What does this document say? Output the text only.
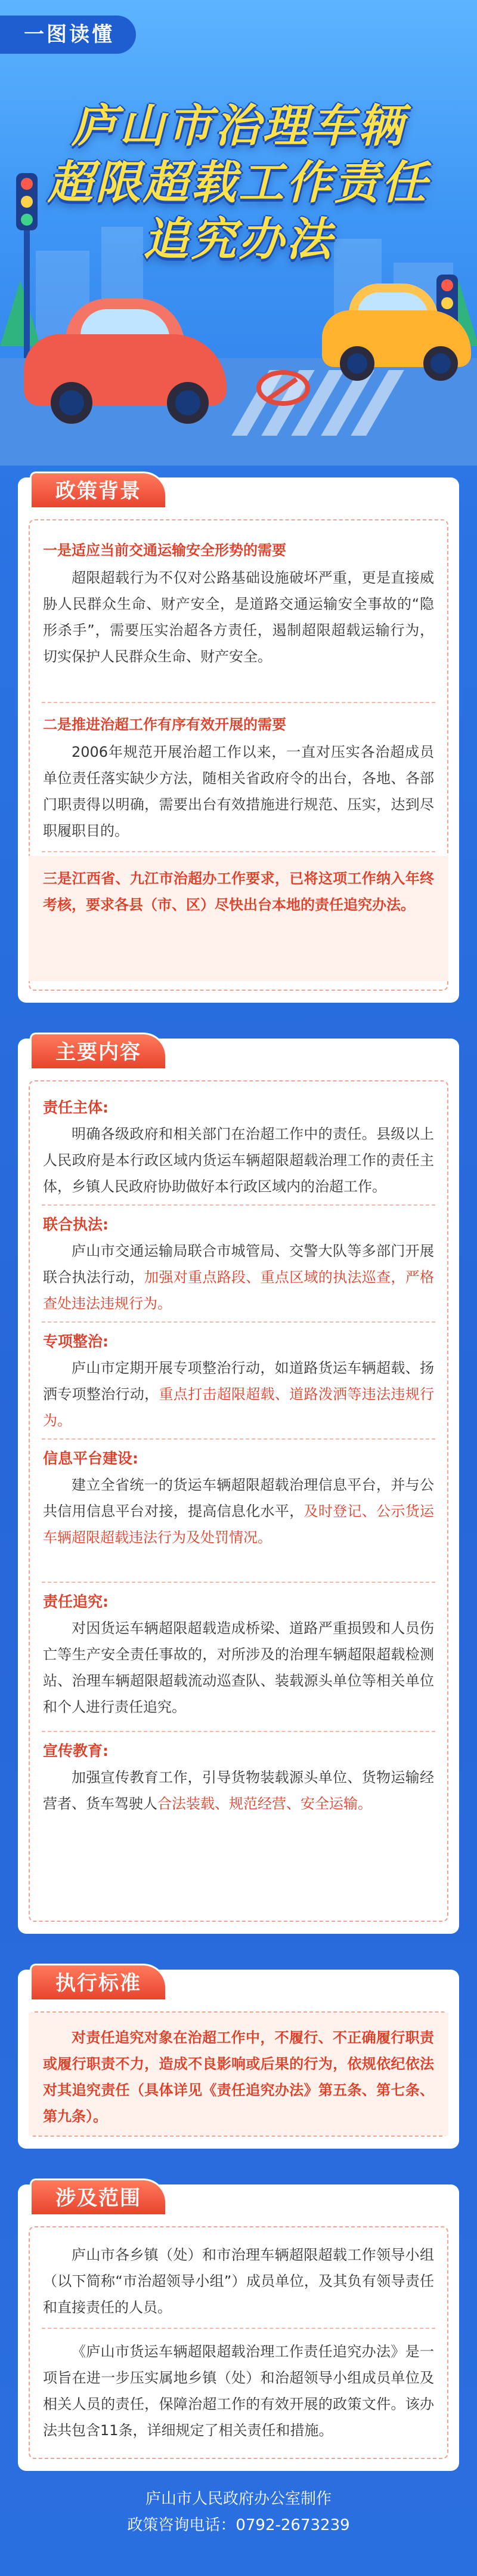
一图读懂
庐山市治理车辆
超限超载工作责任
追究办法
政策背景
一是适应当前交通运输安全形势的需要
超限超载行为不仅对公路基础设施破坏严重，更是直接威胁人民群众生命、财产安全，是道路交通运输安全事故的“隐形杀手”，需要压实治超各方责任，遏制超限超载运输行为，切实保护人民群众生命、财产安全。
二是推进治超工作有序有效开展的需要
2006年规范开展治超工作以来，一直对压实各治超成员单位责任落实缺少方法，随相关省政府令的出台，各地、各部门职责得以明确，需要出台有效措施进行规范、压实，达到尽职履职目的。
三是江西省、九江市治超办工作要求，已将这项工作纳入年终考核，要求各县（市、区）尽快出台本地的责任追究办法。
主要内容
责任主体:
明确各级政府和相关部门在治超工作中的责任。县级以上人民政府是本行政区域内货运车辆超限超载治理工作的责任主体，乡镇人民政府协助做好本行政区域内的治超工作。
联合执法:
庐山市交通运输局联合市城管局、交警大队等多部门开展联合执法行动，加强对重点路段、重点区域的执法巡查，严格查处违法违规行为。
专项整治:
庐山市定期开展专项整治行动，如道路货运车辆超载、扬洒专项整治行动，重点打击超限超载、道路泼洒等违法违规行为。
信息平台建设:
建立全省统一的货运车辆超限超载治理信息平台，并与公共信用信息平台对接，提高信息化水平，及时登记、公示货运车辆超限超载违法行为及处罚情况。
责任追究:
对因货运车辆超限超载造成桥梁、道路严重损毁和人员伤亡等生产安全责任事故的，对所涉及的治理车辆超限超载检测站、治理车辆超限超载流动巡查队、装载源头单位等相关单位和个人进行责任追究。
宣传教育:
加强宣传教育工作，引导货物装载源头单位、货物运输经营者、货车驾驶人合法装载、规范经营、安全运输。
执行标准
对责任追究对象在治超工作中，不履行、不正确履行职责或履行职责不力，造成不良影响或后果的行为，依规依纪依法对其追究责任（具体详见《责任追究办法》第五条、第七条、第九条）。
涉及范围
庐山市各乡镇（处）和市治理车辆超限超载工作领导小组（以下简称“市治超领导小组”）成员单位，及其负有领导责任和直接责任的人员。
《庐山市货运车辆超限超载治理工作责任追究办法》是一项旨在进一步压实属地乡镇（处）和治超领导小组成员单位及相关人员的责任，保障治超工作的有效开展的政策文件。该办法共包含11条，详细规定了相关责任和措施。
庐山市人民政府办公室制作
政策咨询电话：0792-2673239
